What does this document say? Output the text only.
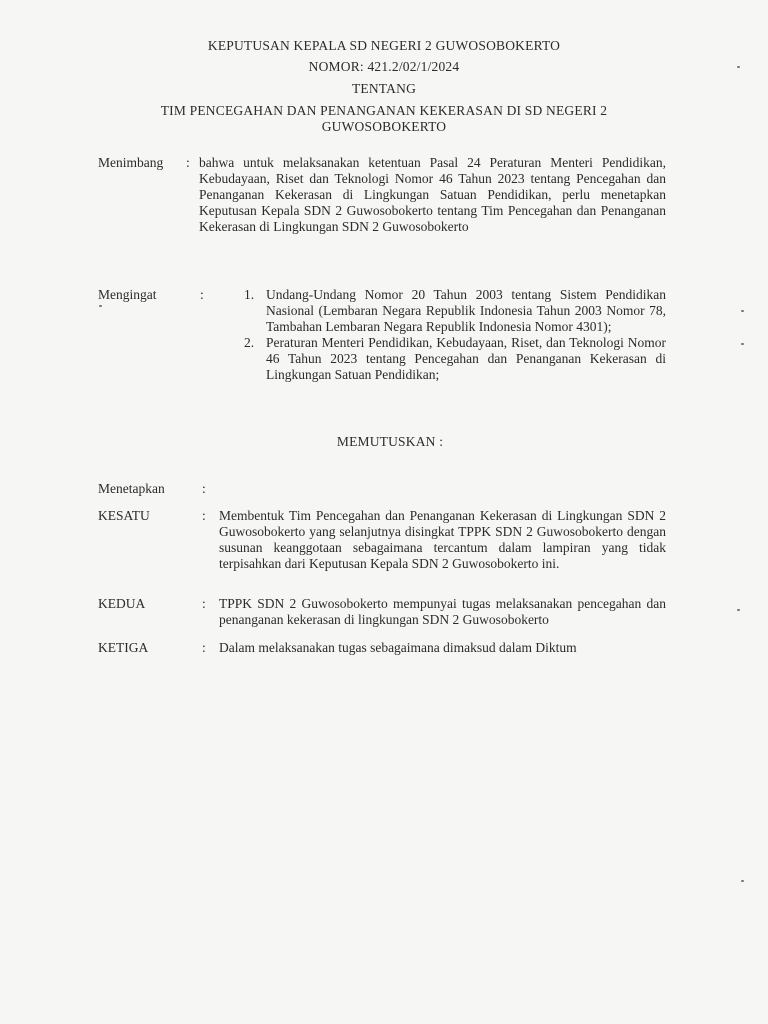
KEPUTUSAN KEPALA SD NEGERI 2 GUWOSOBOKERTO
NOMOR: 421.2/02/1/2024
TENTANG
TIM PENCEGAHAN DAN PENANGANAN KEKERASAN DI SD NEGERI 2
GUWOSOBOKERTO
Menimbang : bahwa untuk melaksanakan ketentuan Pasal 24 Peraturan Menteri Pendidikan, Kebudayaan, Riset dan Teknologi Nomor 46 Tahun 2023 tentang Pencegahan dan Penanganan Kekerasan di Lingkungan Satuan Pendidikan, perlu menetapkan Keputusan Kepala SDN 2 Guwosobokerto tentang Tim Pencegahan dan Penanganan Kekerasan di Lingkungan SDN 2 Guwosobokerto
Mengingat	:	1. Undang-Undang Nomor 20 Tahun 2003 tentang Sistem Pendidikan Nasional (Lembaran Negara Republik Indonesia Tahun 2003 Nomor 78, Tambahan Lembaran Negara Republik Indonesia Nomor 4301);
2. Peraturan Menteri Pendidikan, Kebudayaan, Riset, dan Teknologi Nomor 46 Tahun 2023 tentang Pencegahan dan Penanganan Kekerasan di Lingkungan Satuan Pendidikan;
MEMUTUSKAN :
Menetapkan	:
KESATU	: Membentuk Tim Pencegahan dan Penanganan Kekerasan di Lingkungan SDN 2 Guwosobokerto yang selanjutnya disingkat TPPK SDN 2 Guwosobokerto dengan susunan keanggotaan sebagaimana tercantum dalam lampiran yang tidak terpisahkan dari Keputusan Kepala SDN 2 Guwosobokerto ini.
KEDUA	: TPPK SDN 2 Guwosobokerto mempunyai tugas melaksanakan pencegahan dan penanganan kekerasan di lingkungan SDN 2 Guwosobokerto
KETIGA	: Dalam melaksanakan tugas sebagaimana dimaksud dalam Diktum
